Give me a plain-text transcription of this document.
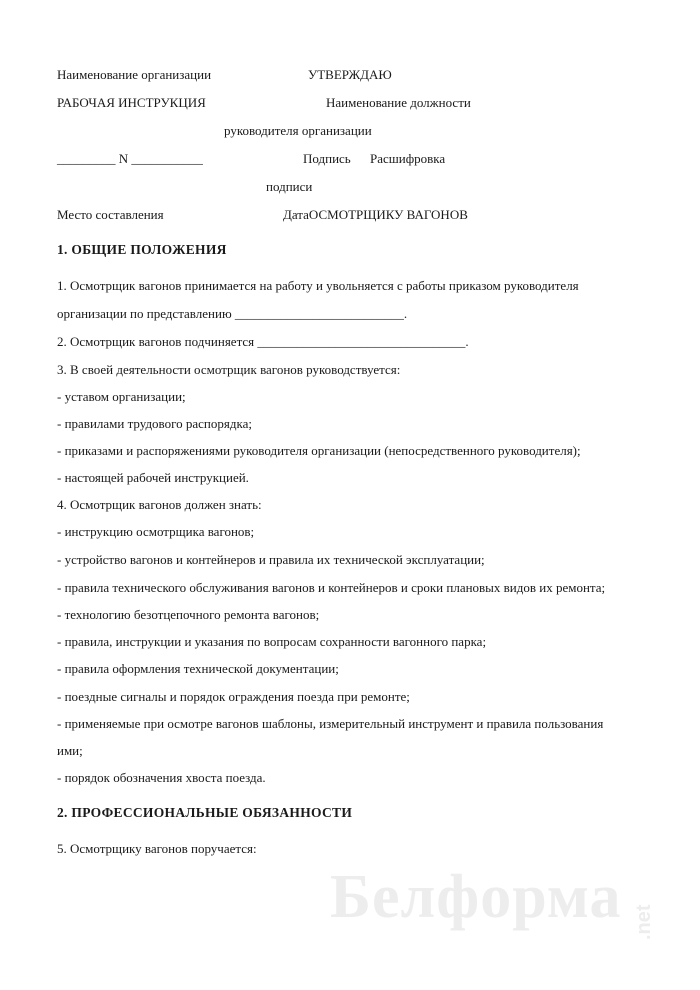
Наименование организации	УТВЕРЖДАЮ
РАБОЧАЯ ИНСТРУКЦИЯ	Наименование должности
руководителя организации
_________ N ___________	Подпись Расшифровка
подписи
Место составления	ДатаОСМОТРЩИКУ ВАГОНОВ
1. ОБЩИЕ ПОЛОЖЕНИЯ
1. Осмотрщик вагонов принимается на работу и увольняется с работы приказом руководителя
организации по представлению __________________________.
2. Осмотрщик вагонов подчиняется ________________________________.
3. В своей деятельности осмотрщик вагонов руководствуется:
- уставом организации;
- правилами трудового распорядка;
- приказами и распоряжениями руководителя организации (непосредственного руководителя);
- настоящей рабочей инструкцией.
4. Осмотрщик вагонов должен знать:
- инструкцию осмотрщика вагонов;
- устройство вагонов и контейнеров и правила их технической эксплуатации;
- правила технического обслуживания вагонов и контейнеров и сроки плановых видов их ремонта;
- технологию безотцепочного ремонта вагонов;
- правила, инструкции и указания по вопросам сохранности вагонного парка;
- правила оформления технической документации;
- поездные сигналы и порядок ограждения поезда при ремонте;
- применяемые при осмотре вагонов шаблоны, измерительный инструмент и правила пользования
ими;
- порядок обозначения хвоста поезда.
2. ПРОФЕССИОНАЛЬНЫЕ ОБЯЗАННОСТИ
5. Осмотрщику вагонов поручается:
Белформа .net
